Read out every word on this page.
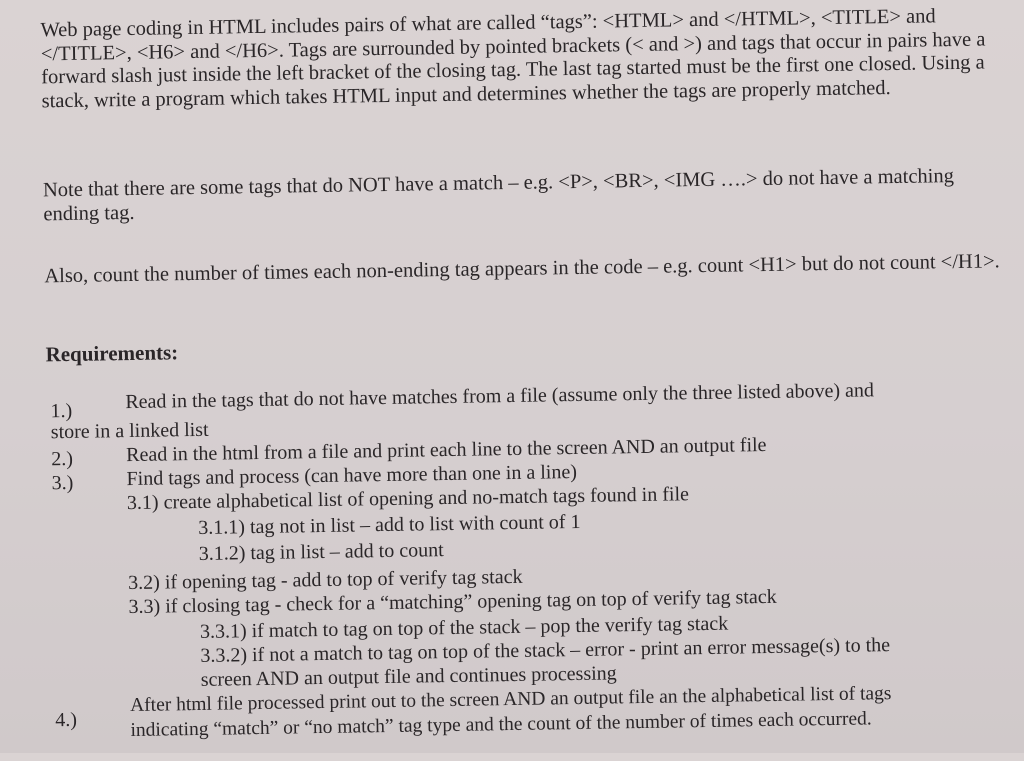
Web page coding in HTML includes pairs of what are called “tags”: <HTML> and </HTML>, <TITLE> and </TITLE>, <H6> and </H6>. Tags are surrounded by pointed brackets (< and >) and tags that occur in pairs have a forward slash just inside the left bracket of the closing tag. The last tag started must be the first one closed. Using a stack, write a program which takes HTML input and determines whether the tags are properly matched.

Note that there are some tags that do NOT have a match – e.g. <P>, <BR>, <IMG ….> do not have a matching ending tag.

Also, count the number of times each non-ending tag appears in the code – e.g. count <H1> but do not count </H1>.

Requirements:
1.)	Read in the tags that do not have matches from a file (assume only the three listed above) and
store in a linked list
2.)	Read in the html from a file and print each line to the screen AND an output file
3.)	Find tags and process (can have more than one in a line)
3.1) create alphabetical list of opening and no-match tags found in file
3.1.1) tag not in list – add to list with count of 1
3.1.2) tag in list – add to count
3.2) if opening tag - add to top of verify tag stack
3.3) if closing tag - check for a “matching” opening tag on top of verify tag stack
3.3.1) if match to tag on top of the stack – pop the verify tag stack
3.3.2) if not a match to tag on top of the stack – error - print an error message(s) to the
screen AND an output file and continues processing
4.)
After html file processed print out to the screen AND an output file an the alphabetical list of tags
indicating “match” or “no match” tag type and the count of the number of times each occurred.
